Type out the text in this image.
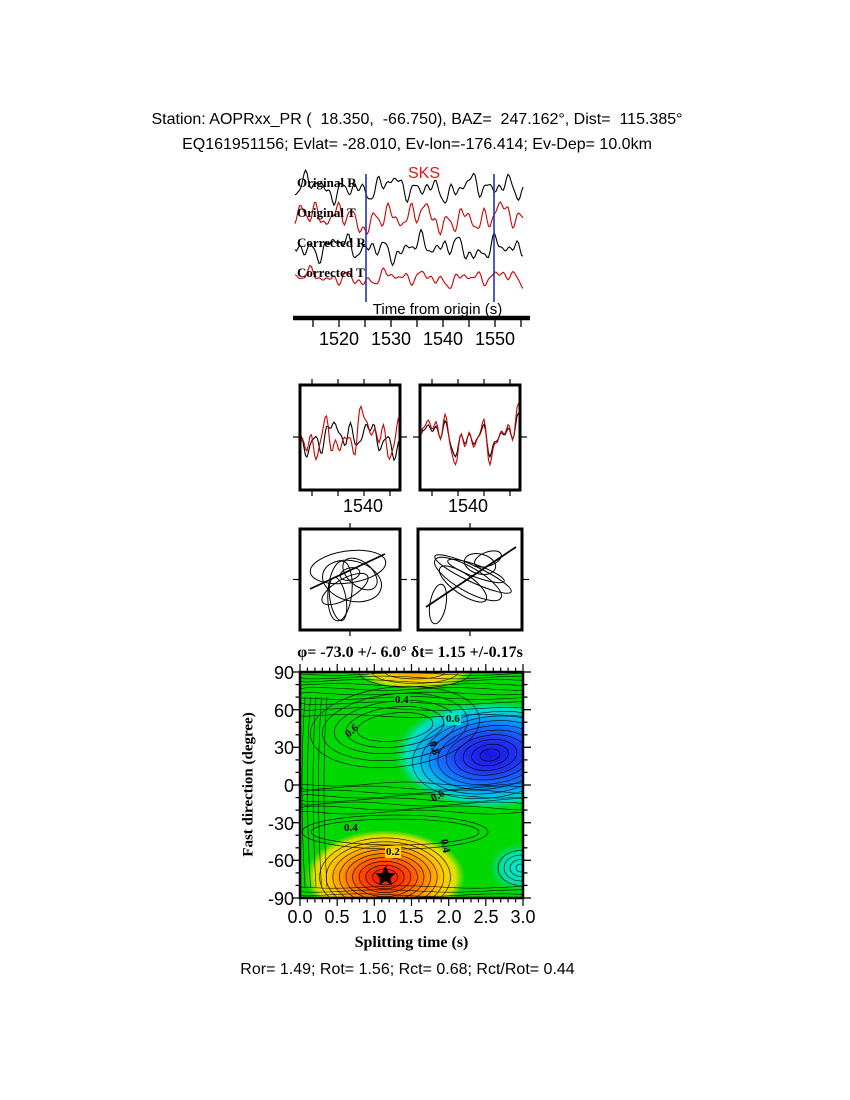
Station: AOPRxx_PR (  18.350,  -66.750), BAZ=  247.162°, Dist=  115.385°
EQ161951156; Evlat= -28.010, Ev-lon=-176.414; Ev-Dep= 10.0km
SKS
Original R
Original T
Corrected R
Corrected T
Time from origin (s)
1520 1530 1540 1550
1540	1540
φ= -73.0 +/- 6.0° δt= 1.15 +/-0.17s
0.4
0.6
0.6
0.8
0.6
0.4
0.2	0.4
90
60
30
0
-30
-60
-90
0.0 0.5 1.0 1.5 2.0 2.5 3.0
Fast direction (degree)
Splitting time (s)
Ror= 1.49; Rot= 1.56; Rct= 0.68; Rct/Rot= 0.44
